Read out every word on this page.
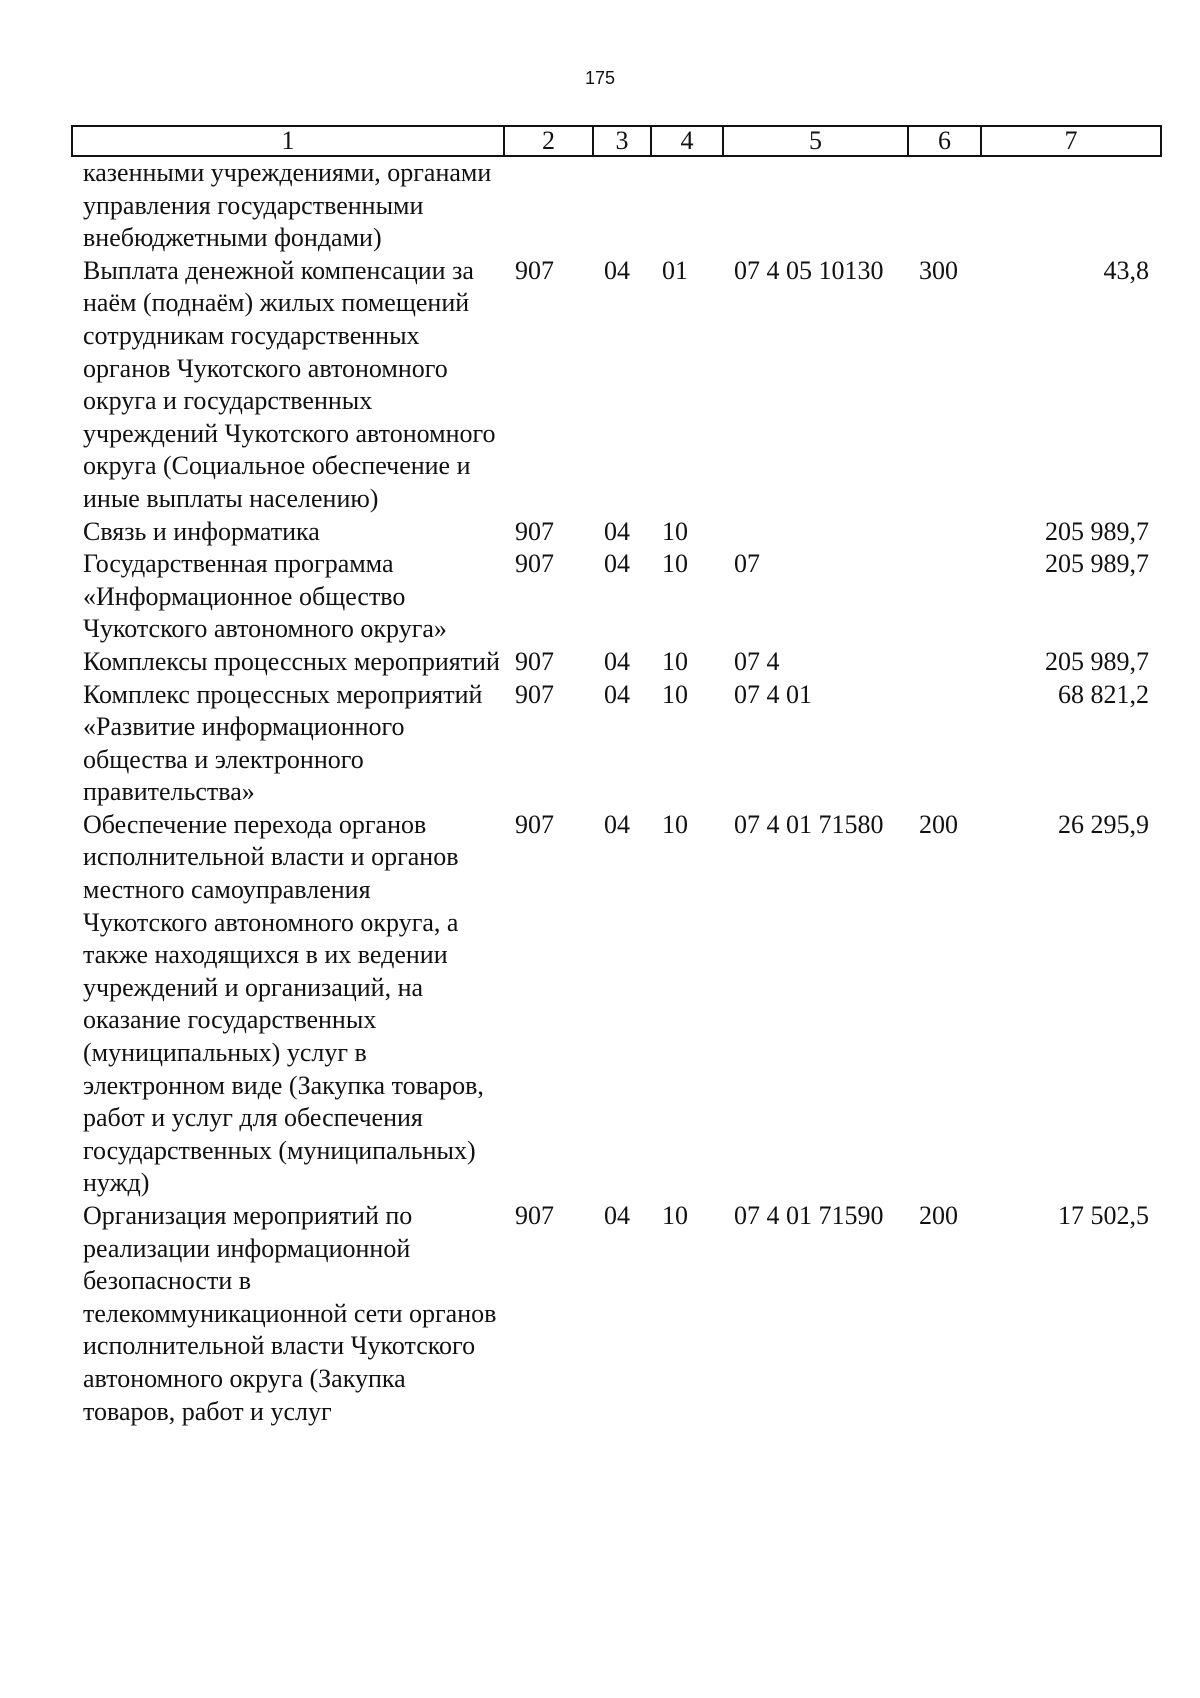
175
1	2	3	4	5	6	7
казенными учреждениями, органами управления государственными внебюджетными фондами)						
Выплата денежной компенсации за наём (поднаём) жилых помещений сотрудникам государственных органов Чукотского автономного округа и государственных учреждений Чукотского автономного округа (Социальное обеспечение и иные выплаты населению)	907	04	01	07 4 05 10130	300	43,8
Связь и информатика	907	04	10			205 989,7
Государственная программа «Информационное общество Чукотского автономного округа»	907	04	10	07		205 989,7
Комплексы процессных мероприятий	907	04	10	07 4		205 989,7
Комплекс процессных мероприятий «Развитие информационного общества и электронного правительства»	907	04	10	07 4 01		68 821,2
Обеспечение перехода органов исполнительной власти и органов местного самоуправления Чукотского автономного округа, а также находящихся в их ведении учреждений и организаций, на оказание государственных (муниципальных) услуг в электронном виде (Закупка товаров, работ и услуг для обеспечения государственных (муниципальных) нужд)	907	04	10	07 4 01 71580	200	26 295,9
Организация мероприятий по реализации информационной безопасности в телекоммуникационной сети органов исполнительной власти Чукотского автономного округа (Закупка товаров, работ и услуг	907	04	10	07 4 01 71590	200	17 502,5
